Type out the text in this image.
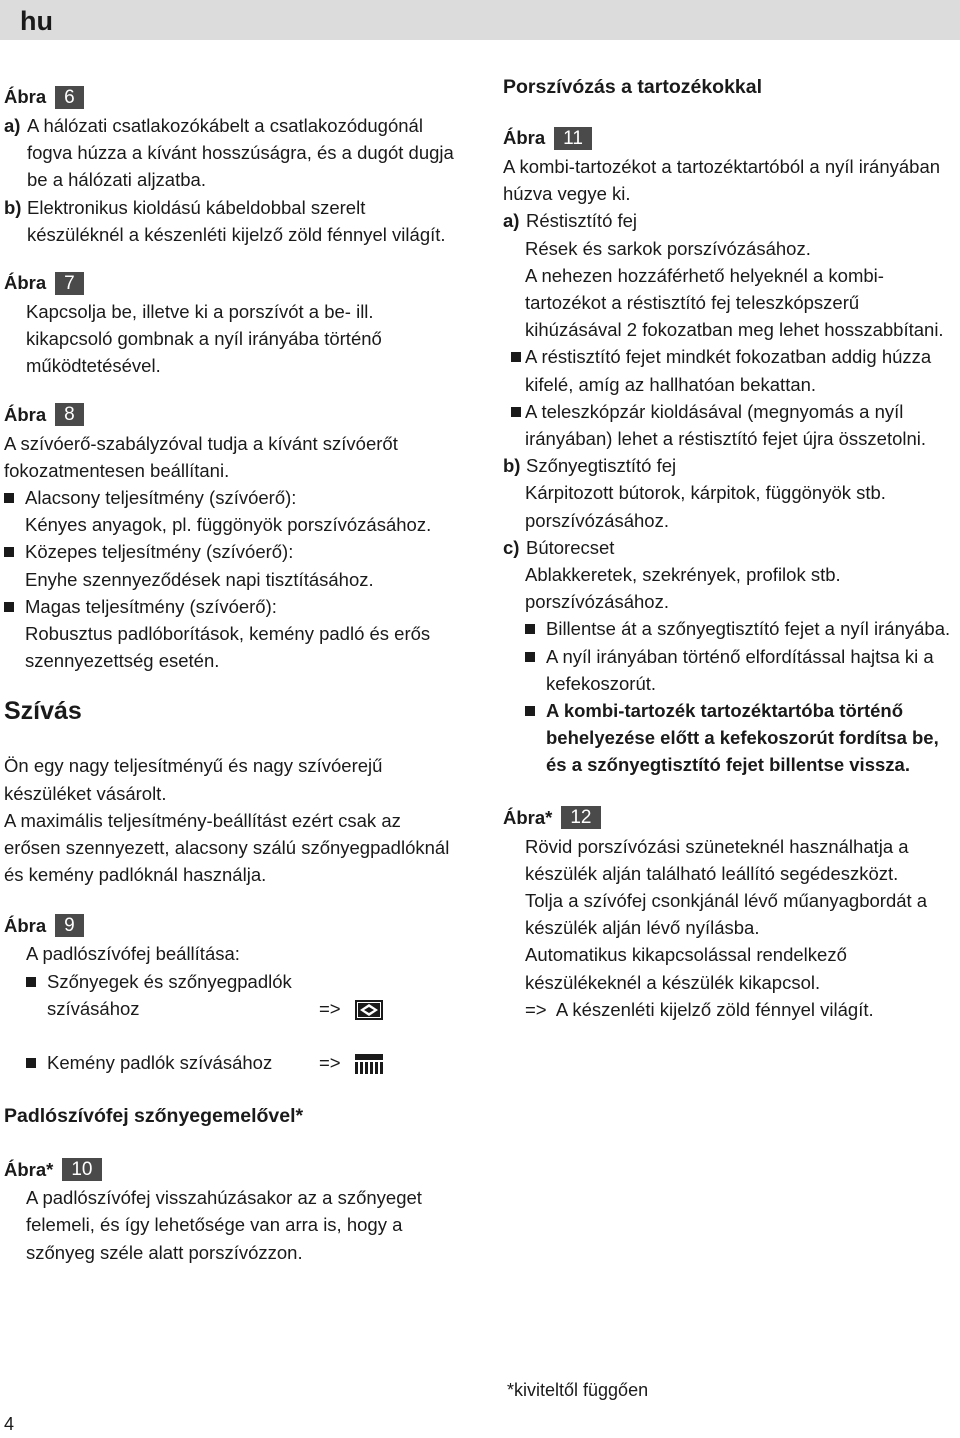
hu
Ábra 6
a) A hálózati csatlakozókábelt a csatlakozódugónál fogva húzza a kívánt hosszúságra, és a dugót dugja be a hálózati aljzatba.

b) Elektronikus kioldású kábeldobbal szerelt készüléknél a készenléti kijelző zöld fénnyel világít.

Ábra 7

Kapcsolja be, illetve ki a porszívót a be- ill. kikapcsoló gombnak a nyíl irányába történő működtetésével.

Ábra 8

A szívóerő-szabályzóval tudja a kívánt szívóerőt fokozatmentesen beállítani.

Alacsony teljesítmény (szívóerő):

Kényes anyagok, pl. függönyök porszívózásához.

Közepes teljesítmény (szívóerő):

Enyhe szennyeződések napi tisztításához.

Magas teljesítmény (szívóerő):

Robusztus padlóborítások, kemény padló és erős szennyezettség esetén.

Szívás

Ön egy nagy teljesítményű és nagy szívóerejű készüléket vásárolt.

A maximális teljesítmény-beállítást ezért csak az erősen szennyezett, alacsony szálú szőnyegpadlóknál és kemény padlóknál használja.

Ábra 9

A padlószívófej beállítása:

Szőnyegek és szőnyegpadlók szívásához	=>

Kemény padlók szívásához	=>
Padlószívófej szőnyegemelővel*
Ábra* 10

A padlószívófej visszahúzásakor az a szőnyeget felemeli, és így lehetősége van arra is, hogy a szőnyeg széle alatt porszívózzon.

Porszívózás a tartozékokkal
Ábra 11

A kombi-tartozékot a tartozéktartóból a nyíl irányában húzva vegye ki.

a) Réstisztító fej

Rések és sarkok porszívózásához.

A nehezen hozzáférhető helyeknél a kombi-tartozékot a réstisztító fej teleszkópszerű kihúzásával 2 fokozatban meg lehet hosszabbítani.

A réstisztító fejet mindkét fokozatban addig húzza kifelé, amíg az hallhatóan bekattan.

A teleszkópzár kioldásával (megnyomás a nyíl irányában) lehet a réstisztító fejet újra összetolni.

b) Szőnyegtisztító fej

Kárpitozott bútorok, kárpitok, függönyök stb. porszívózásához.

c) Bútorecset

Ablakkeretek, szekrények, profilok stb. porszívózásához.

Billentse át a szőnyegtisztító fejet a nyíl irányába.

A nyíl irányában történő elfordítással hajtsa ki a kefekoszorút.

A kombi-tartozék tartozéktartóba történő behelyezése előtt a kefekoszorút fordítsa be, és a szőnyegtisztító fejet billentse vissza.

Ábra* 12

Rövid porszívózási szüneteknél használhatja a készülék alján található leállító segédeszközt.

Tolja a szívófej csonkjánál lévő műanyagbordát a készülék alján lévő nyílásba.

Automatikus kikapcsolással rendelkező készülékeknél a készülék kikapcsol.

=>  A készenléti kijelző zöld fénnyel világít.

*kiviteltől függően
4
